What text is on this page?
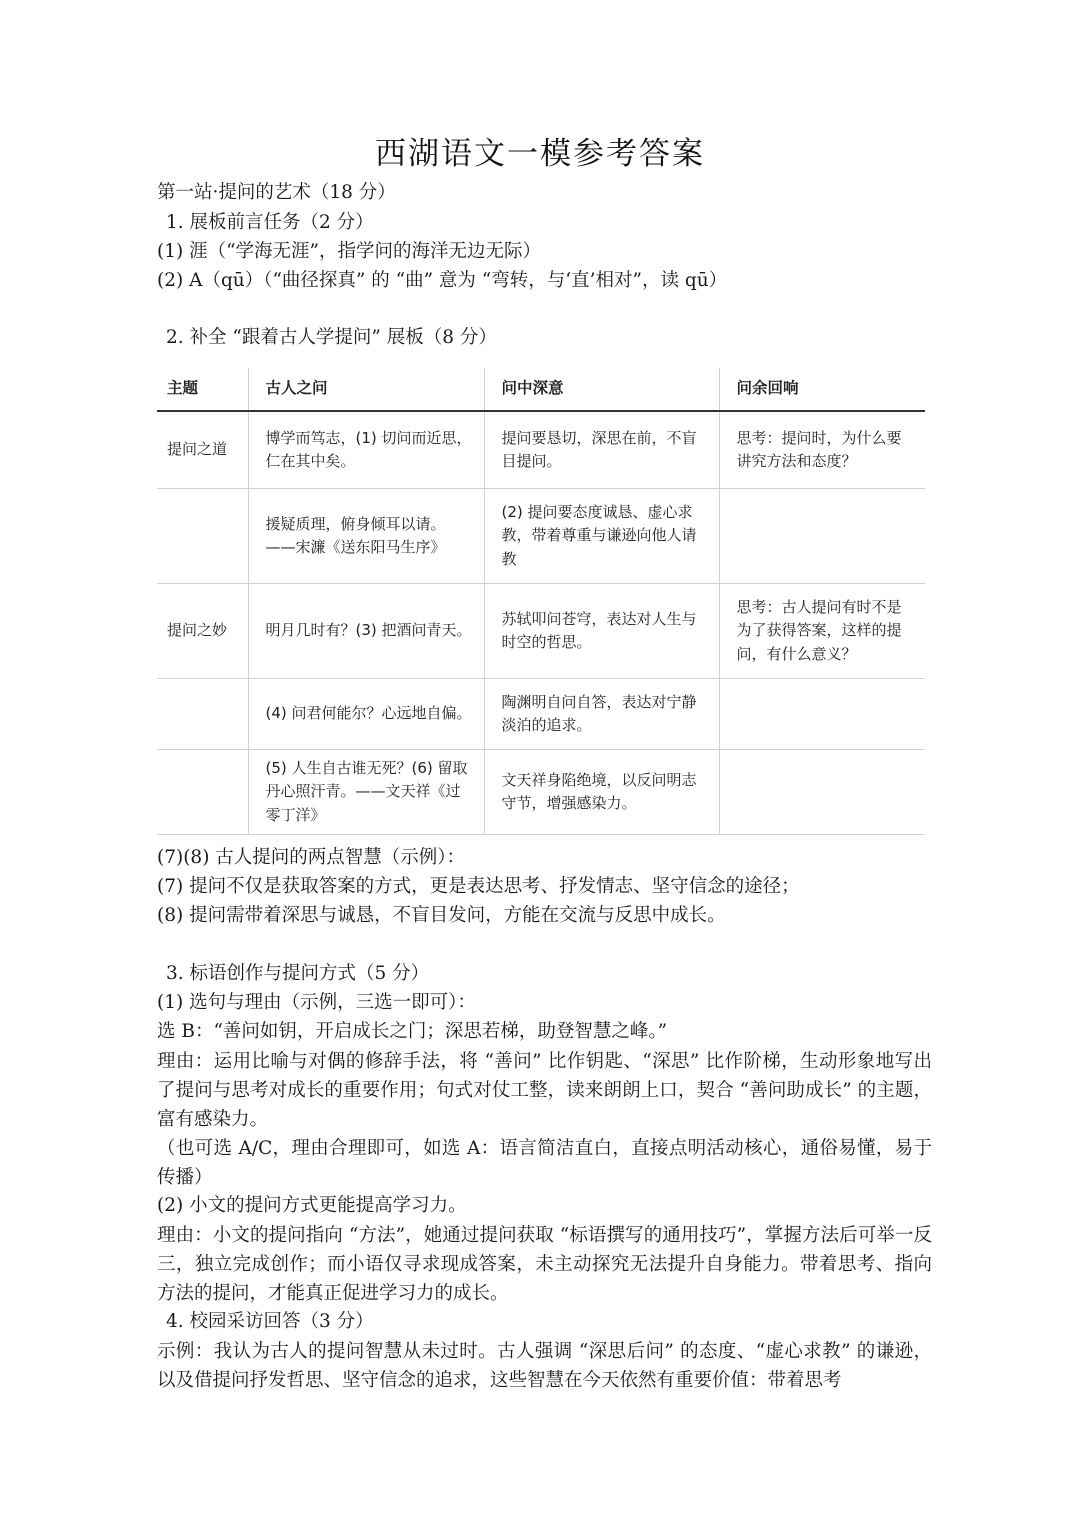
西湖语文一模参考答案
第一站·提问的艺术（18 分）
1. 展板前言任务（2 分）
(1) 涯（“学海无涯”，指学问的海洋无边无际）
(2) A（qū）（“曲径探真” 的 “曲” 意为 “弯转，与‘直’相对”，读 qū）
2. 补全 “跟着古人学提问” 展板（8 分）
主题	古人之问	问中深意	问余回响
提问之道	博学而笃志，(1) 切问而近思，仁在其中矣。	提问要恳切，深思在前，不盲目提问。	思考：提问时，为什么要讲究方法和态度？
	援疑质理，俯身倾耳以请。——宋濂《送东阳马生序》	(2) 提问要态度诚恳、虚心求教，带着尊重与谦逊向他人请教	
提问之妙	明月几时有？(3) 把酒问青天。	苏轼叩问苍穹，表达对人生与时空的哲思。	思考：古人提问有时不是为了获得答案，这样的提问，有什么意义？
	(4) 问君何能尔？心远地自偏。	陶渊明自问自答，表达对宁静淡泊的追求。	
	(5) 人生自古谁无死？(6) 留取丹心照汗青。——文天祥《过零丁洋》	文天祥身陷绝境，以反问明志守节，增强感染力。	
(7)(8) 古人提问的两点智慧（示例）：
(7) 提问不仅是获取答案的方式，更是表达思考、抒发情志、坚守信念的途径；
(8) 提问需带着深思与诚恳，不盲目发问，方能在交流与反思中成长。
3. 标语创作与提问方式（5 分）
(1) 选句与理由（示例，三选一即可）：
选 B：“善问如钥，开启成长之门；深思若梯，助登智慧之峰。”
理由：运用比喻与对偶的修辞手法，将 “善问” 比作钥匙、“深思” 比作阶梯，生动形象地写出了提问与思考对成长的重要作用；句式对仗工整，读来朗朗上口，契合 “善问助成长” 的主题，富有感染力。
（也可选 A/C，理由合理即可，如选 A：语言简洁直白，直接点明活动核心，通俗易懂，易于传播）
(2) 小文的提问方式更能提高学习力。
理由：小文的提问指向 “方法”，她通过提问获取 “标语撰写的通用技巧”，掌握方法后可举一反三，独立完成创作；而小语仅寻求现成答案，未主动探究无法提升自身能力。带着思考、指向方法的提问，才能真正促进学习力的成长。
4. 校园采访回答（3 分）
示例：我认为古人的提问智慧从未过时。古人强调 “深思后问” 的态度、“虚心求教” 的谦逊，以及借提问抒发哲思、坚守信念的追求，这些智慧在今天依然有重要价值：带着思考
